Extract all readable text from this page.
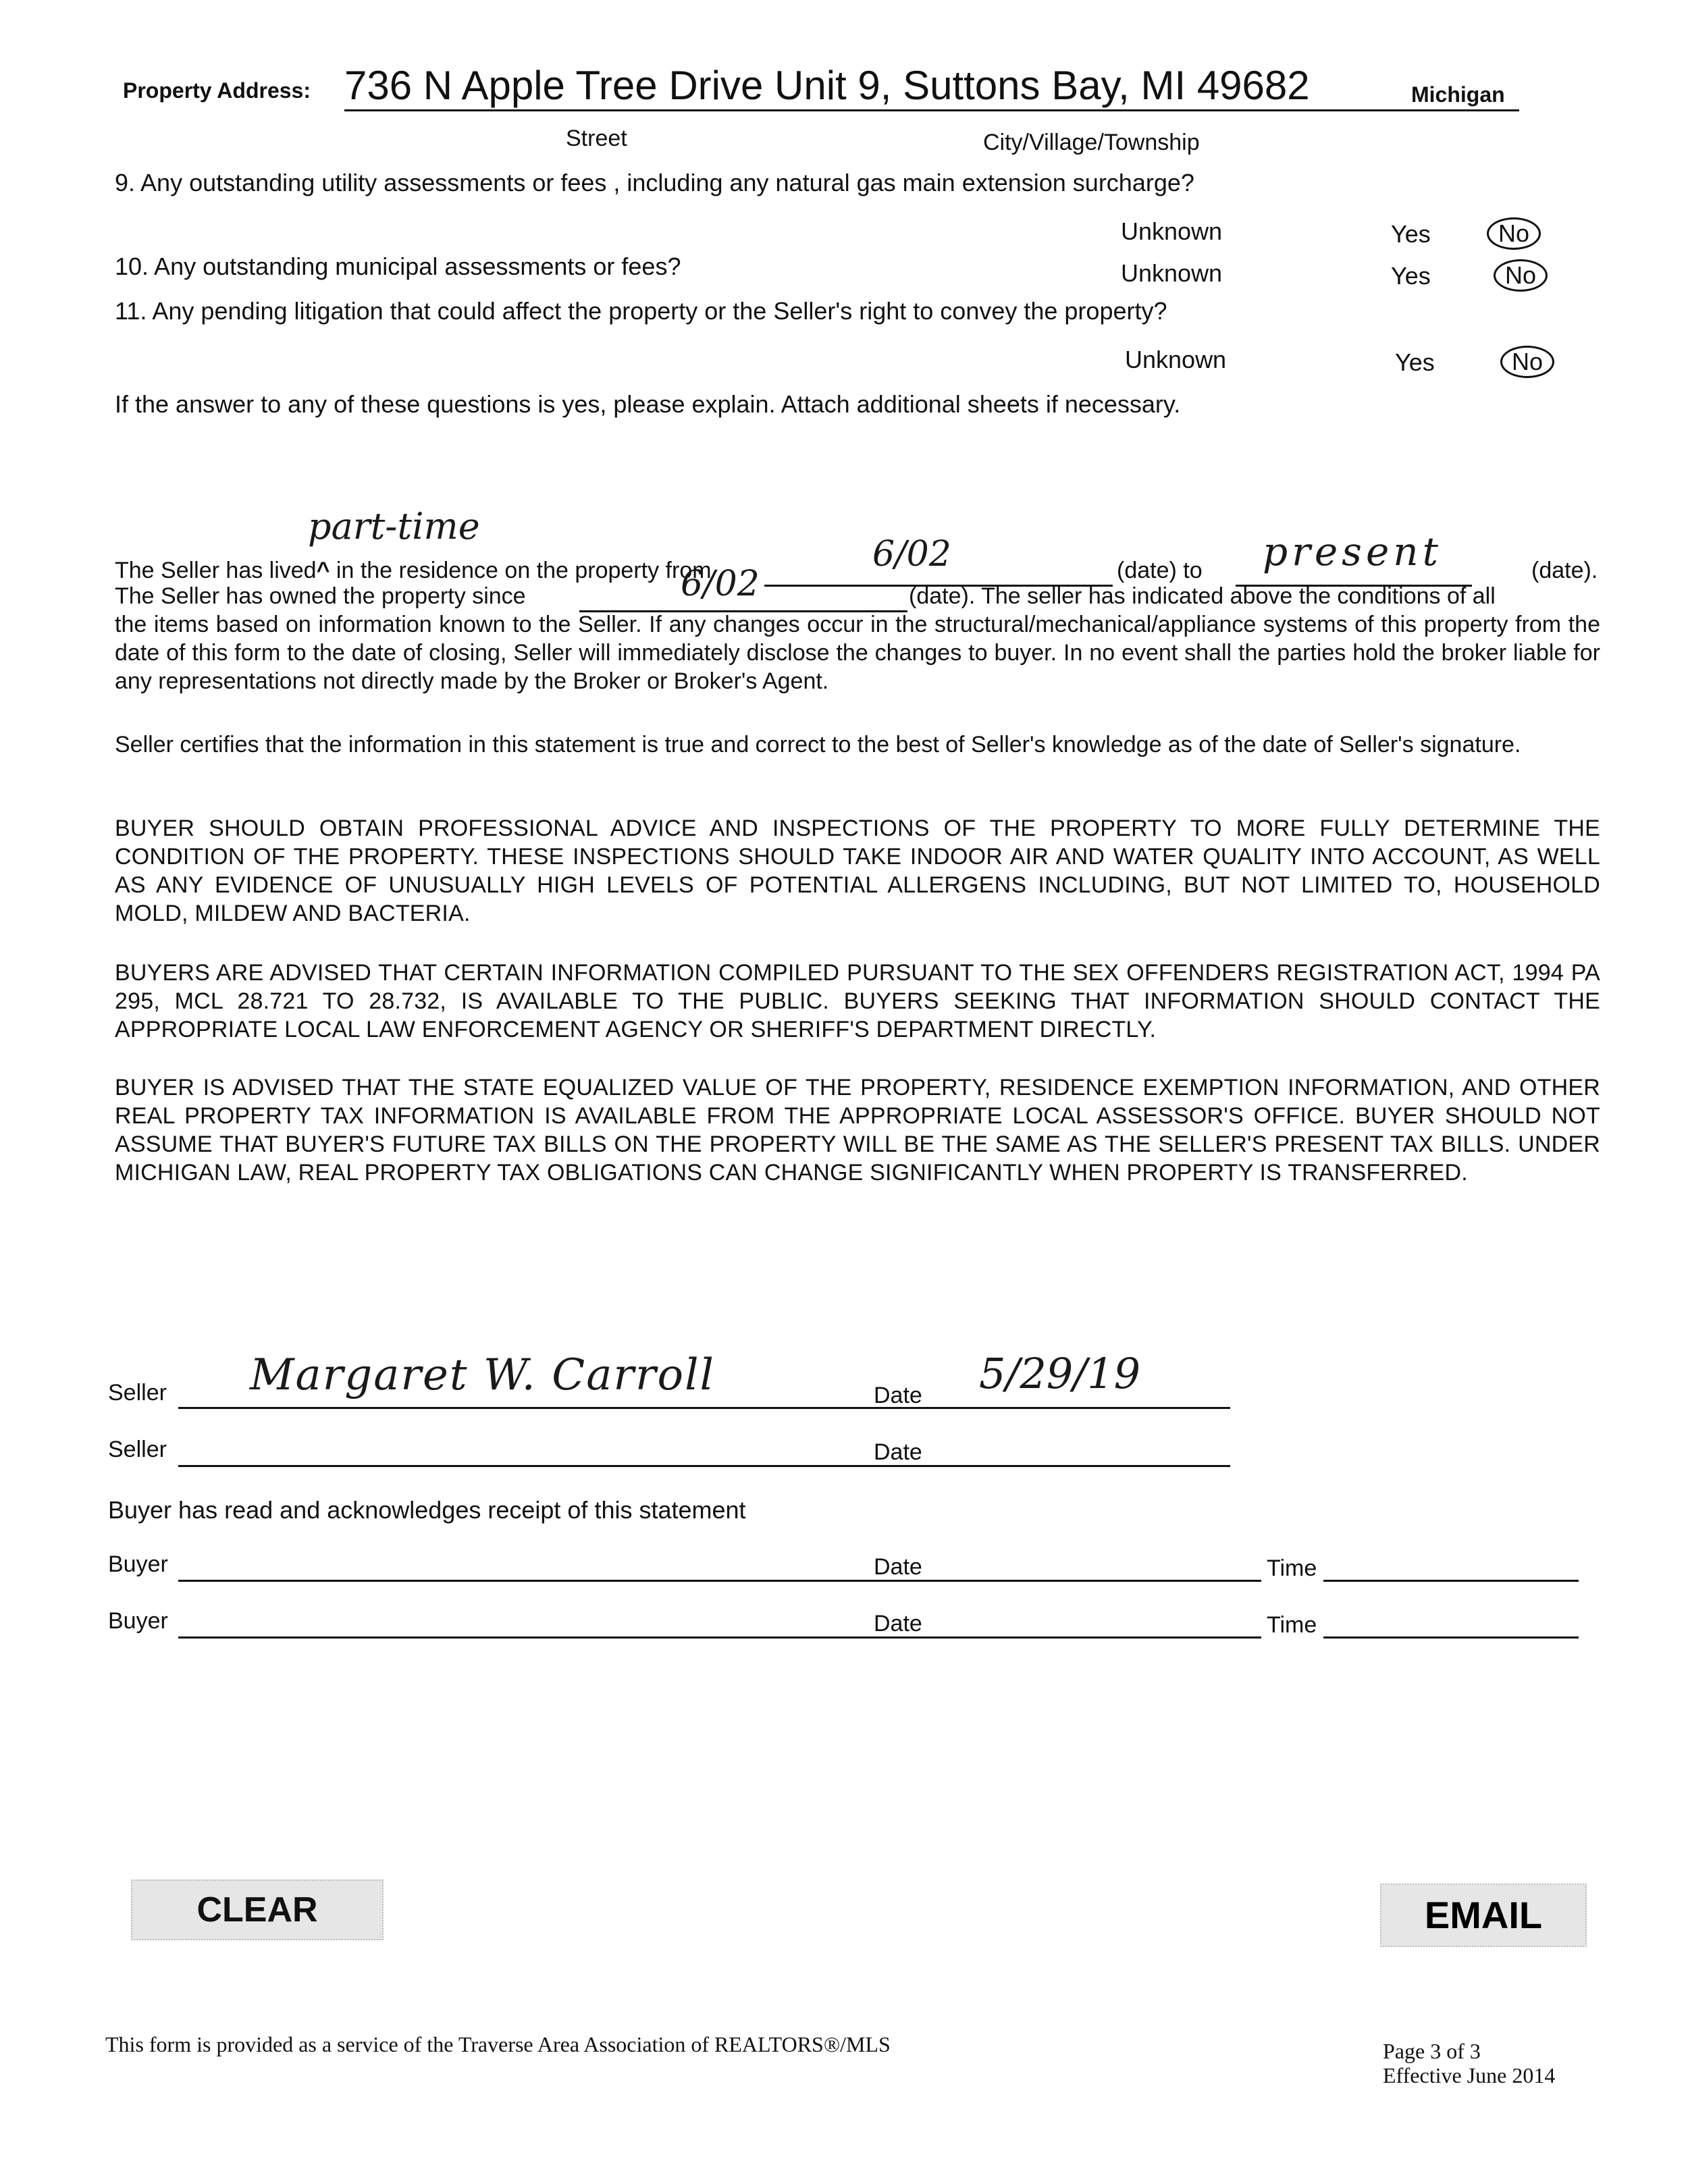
Property Address: 736 N Apple Tree Drive Unit 9, Suttons Bay, MI 49682	Michigan
Street	City/Village/Township
9. Any outstanding utility assessments or fees , including any natural gas main extension surcharge?
Unknown	Yes	No
10. Any outstanding municipal assessments or fees?	Unknown	Yes	No
11. Any pending litigation that could affect the property or the Seller's right to convey the property?
Unknown	Yes	No
If the answer to any of these questions is yes, please explain. Attach additional sheets if necessary.
part-time
The Seller has lived^ in the residence on the property from	6/02	(date) to present	(date).
The Seller has owned the property since	6/02	(date). The seller has indicated above the conditions of all
the items based on information known to the Seller. If any changes occur in the structural/mechanical/appliance systems of this property from the date of this form to the date of closing, Seller will immediately disclose the changes to buyer. In no event shall the parties hold the broker liable for any representations not directly made by the Broker or Broker's Agent.
Seller certifies that the information in this statement is true and correct to the best of Seller's knowledge as of the date of Seller's signature.
BUYER SHOULD OBTAIN PROFESSIONAL ADVICE AND INSPECTIONS OF THE PROPERTY TO MORE FULLY DETERMINE THE CONDITION OF THE PROPERTY. THESE INSPECTIONS SHOULD TAKE INDOOR AIR AND WATER QUALITY INTO ACCOUNT, AS WELL AS ANY EVIDENCE OF UNUSUALLY HIGH LEVELS OF POTENTIAL ALLERGENS INCLUDING, BUT NOT LIMITED TO, HOUSEHOLD MOLD, MILDEW AND BACTERIA.
BUYERS ARE ADVISED THAT CERTAIN INFORMATION COMPILED PURSUANT TO THE SEX OFFENDERS REGISTRATION ACT, 1994 PA 295, MCL 28.721 TO 28.732, IS AVAILABLE TO THE PUBLIC. BUYERS SEEKING THAT INFORMATION SHOULD CONTACT THE APPROPRIATE LOCAL LAW ENFORCEMENT AGENCY OR SHERIFF'S DEPARTMENT DIRECTLY.
BUYER IS ADVISED THAT THE STATE EQUALIZED VALUE OF THE PROPERTY, RESIDENCE EXEMPTION INFORMATION, AND OTHER REAL PROPERTY TAX INFORMATION IS AVAILABLE FROM THE APPROPRIATE LOCAL ASSESSOR'S OFFICE. BUYER SHOULD NOT ASSUME THAT BUYER'S FUTURE TAX BILLS ON THE PROPERTY WILL BE THE SAME AS THE SELLER'S PRESENT TAX BILLS. UNDER MICHIGAN LAW, REAL PROPERTY TAX OBLIGATIONS CAN CHANGE SIGNIFICANTLY WHEN PROPERTY IS TRANSFERRED.
Seller Margaret W. Carroll	Date 5/29/19
Seller	Date
Buyer has read and acknowledges receipt of this statement
Buyer	Date	Time
Buyer	Date	Time
CLEAR	EMAIL
This form is provided as a service of the Traverse Area Association of REALTORS®/MLS	Page 3 of 3
Effective June 2014
